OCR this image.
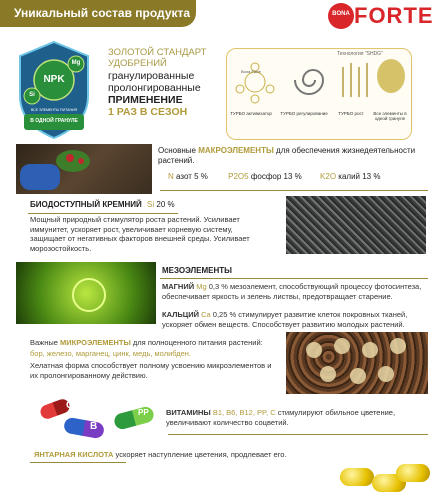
Уникальный состав продукта	BONA FORTE
NPK
Mg
Si
ВСЕ ЭЛЕМЕНТЫ ПИТАНИЯ
В ОДНОЙ ГРАНУЛЕ
ЗОЛОТОЙ СТАНДАРТ УДОБРЕНИЙ
гранулированные
пролонгированные
ПРИМЕНЕНИЕ
1 РАЗ В СЕЗОН
Технология "SHDG"
Bona Forte
ТУРБО активизатор ТУРБО регулирование	ТУРБО рост	Все элементы в одной грануле
Основные МАКРОЭЛЕМЕНТЫ для обеспечения жизнедеятельности растений.
N азот 5 %	P2O5 фосфор 13 % K2O калий 13 %
БИОДОСТУПНЫЙ КРЕМНИЙ Si 20 %
Мощный природный стимулятор роста растений. Усиливает иммунитет, ускоряет рост, увеличивает корневую систему, защищает от негативных факторов внешней среды. Усиливает морозостойкость.
МЕЗОЭЛЕМЕНТЫ
МАГНИЙ Mg 0,3 % мезоэлемент, способствующий процессу фотосинтеза, обеспечивает яркость и зелень листвы, предотвращает старение.
КАЛЬЦИЙ Ca 0,25 % стимулирует развитие клеток покровных тканей, ускоряет обмен веществ. Способствует развитию молодых растений.
Важные МИКРОЭЛЕМЕНТЫ для полноценного питания растений:
бор, железо, марганец, цинк, медь, молибден.
Хелатная форма способствует полному усвоению микроэлементов и их пролонгированному действию.
C
B
PP ВИТАМИНЫ B1, B6, B12, PP, C стимулируют обильное цветение, увеличивают количество соцветий.
ЯНТАРНАЯ КИСЛОТА ускоряет наступление цветения, продлевает его.
